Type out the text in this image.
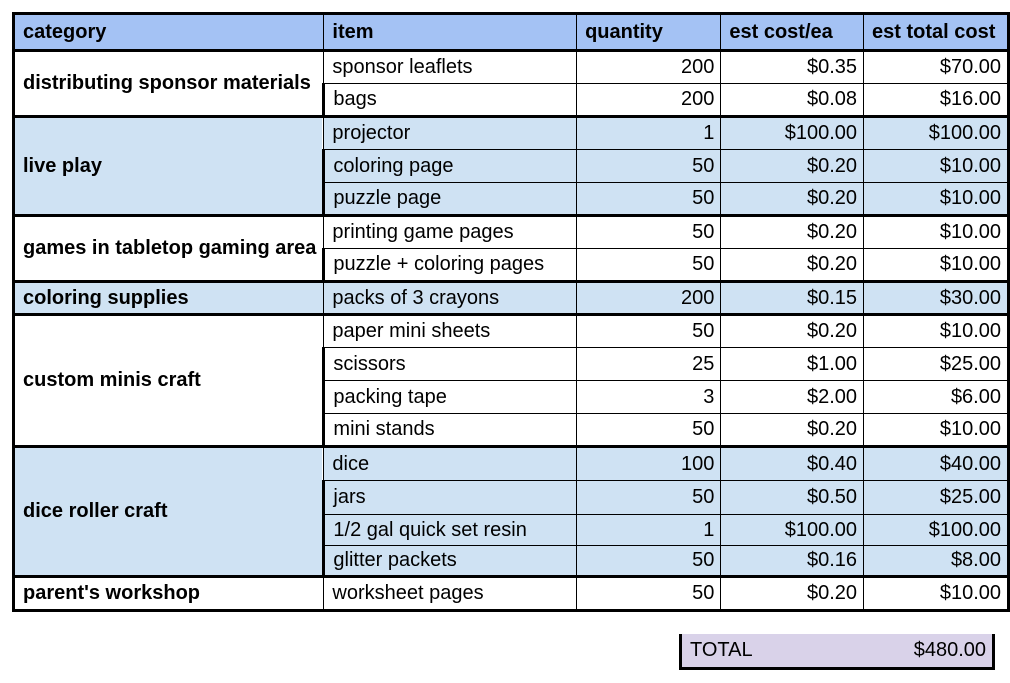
category	item	quantity	est cost/ea	est total cost
distributing sponsor materials	sponsor leaflets	200	$0.35	$70.00
	bags	200	$0.08	$16.00
live play	projector	1	$100.00	$100.00
	coloring page	50	$0.20	$10.00
	puzzle page	50	$0.20	$10.00
games in tabletop gaming area	printing game pages	50	$0.20	$10.00
	puzzle + coloring pages	50	$0.20	$10.00
coloring supplies	packs of 3 crayons	200	$0.15	$30.00
custom minis craft	paper mini sheets	50	$0.20	$10.00
	scissors	25	$1.00	$25.00
	packing tape	3	$2.00	$6.00
	mini stands	50	$0.20	$10.00
dice roller craft	dice	100	$0.40	$40.00
	jars	50	$0.50	$25.00
	1/2 gal quick set resin	1	$100.00	$100.00
	glitter packets	50	$0.16	$8.00
parent's workshop	worksheet pages	50	$0.20	$10.00
TOTAL	$480.00
